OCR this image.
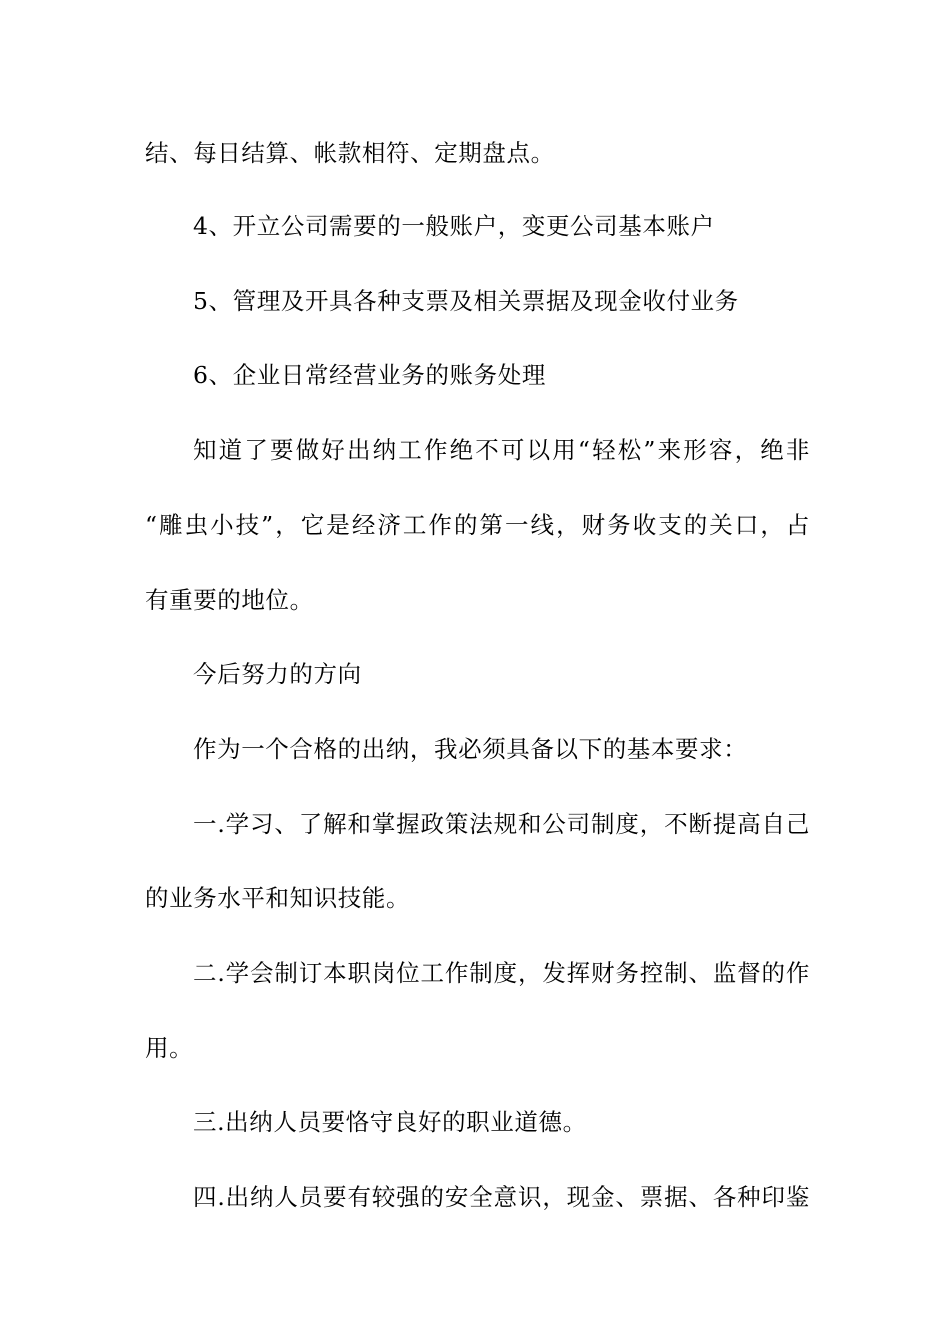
结、每日结算、帐款相符、定期盘点。
4、开立公司需要的一般账户，变更公司基本账户
5、管理及开具各种支票及相关票据及现金收付业务
6、企业日常经营业务的账务处理
知道了要做好出纳工作绝不可以用“轻松”来形容，绝非
“雕虫小技”，它是经济工作的第一线，财务收支的关口，占
有重要的地位。
今后努力的方向
作为一个合格的出纳，我必须具备以下的基本要求：
一.学习、了解和掌握政策法规和公司制度，不断提高自己
的业务水平和知识技能。
二.学会制订本职岗位工作制度，发挥财务控制、监督的作
用。
三.出纳人员要恪守良好的职业道德。
四.出纳人员要有较强的安全意识，现金、票据、各种印鉴
